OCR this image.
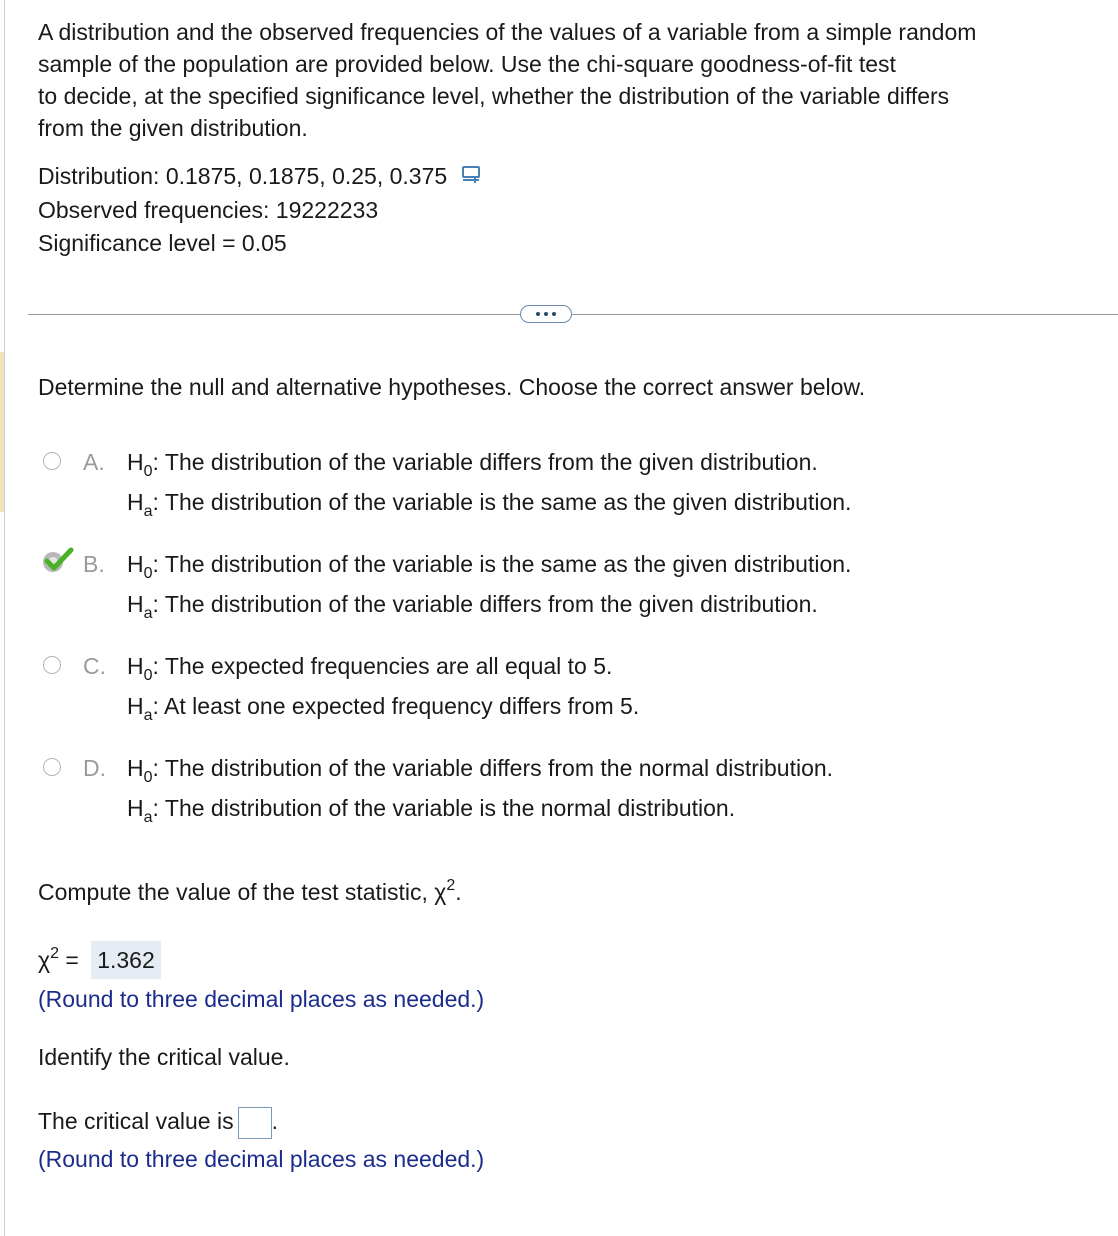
A distribution and the observed frequencies of the values of a variable from a simple random

sample of the population are provided below. Use the chi-square goodness-of-fit test

to decide, at the specified significance level, whether the distribution of the variable differs

from the given distribution.

Distribution: 0.1875, 0.1875, 0.25, 0.375
Observed frequencies: 19222233
Significance level = 0.05
Determine the null and alternative hypotheses. Choose the correct answer below.
A. $H_0$: The distribution of the variable differs from the given distribution.
$H_a$: The distribution of the variable is the same as the given distribution.
B. $H_0$: The distribution of the variable is the same as the given distribution.
$H_a$: The distribution of the variable differs from the given distribution.
C. $H_0$: The expected frequencies are all equal to 5.
$H_a$: At least one expected frequency differs from 5.
D. $H_0$: The distribution of the variable differs from the normal distribution.
$H_a$: The distribution of the variable is the normal distribution.
Compute the value of the test statistic, $\chi^2$.
$\chi^2 = 1.362$
(Round to three decimal places as needed.)
Identify the critical value.
The critical value is .
(Round to three decimal places as needed.)
